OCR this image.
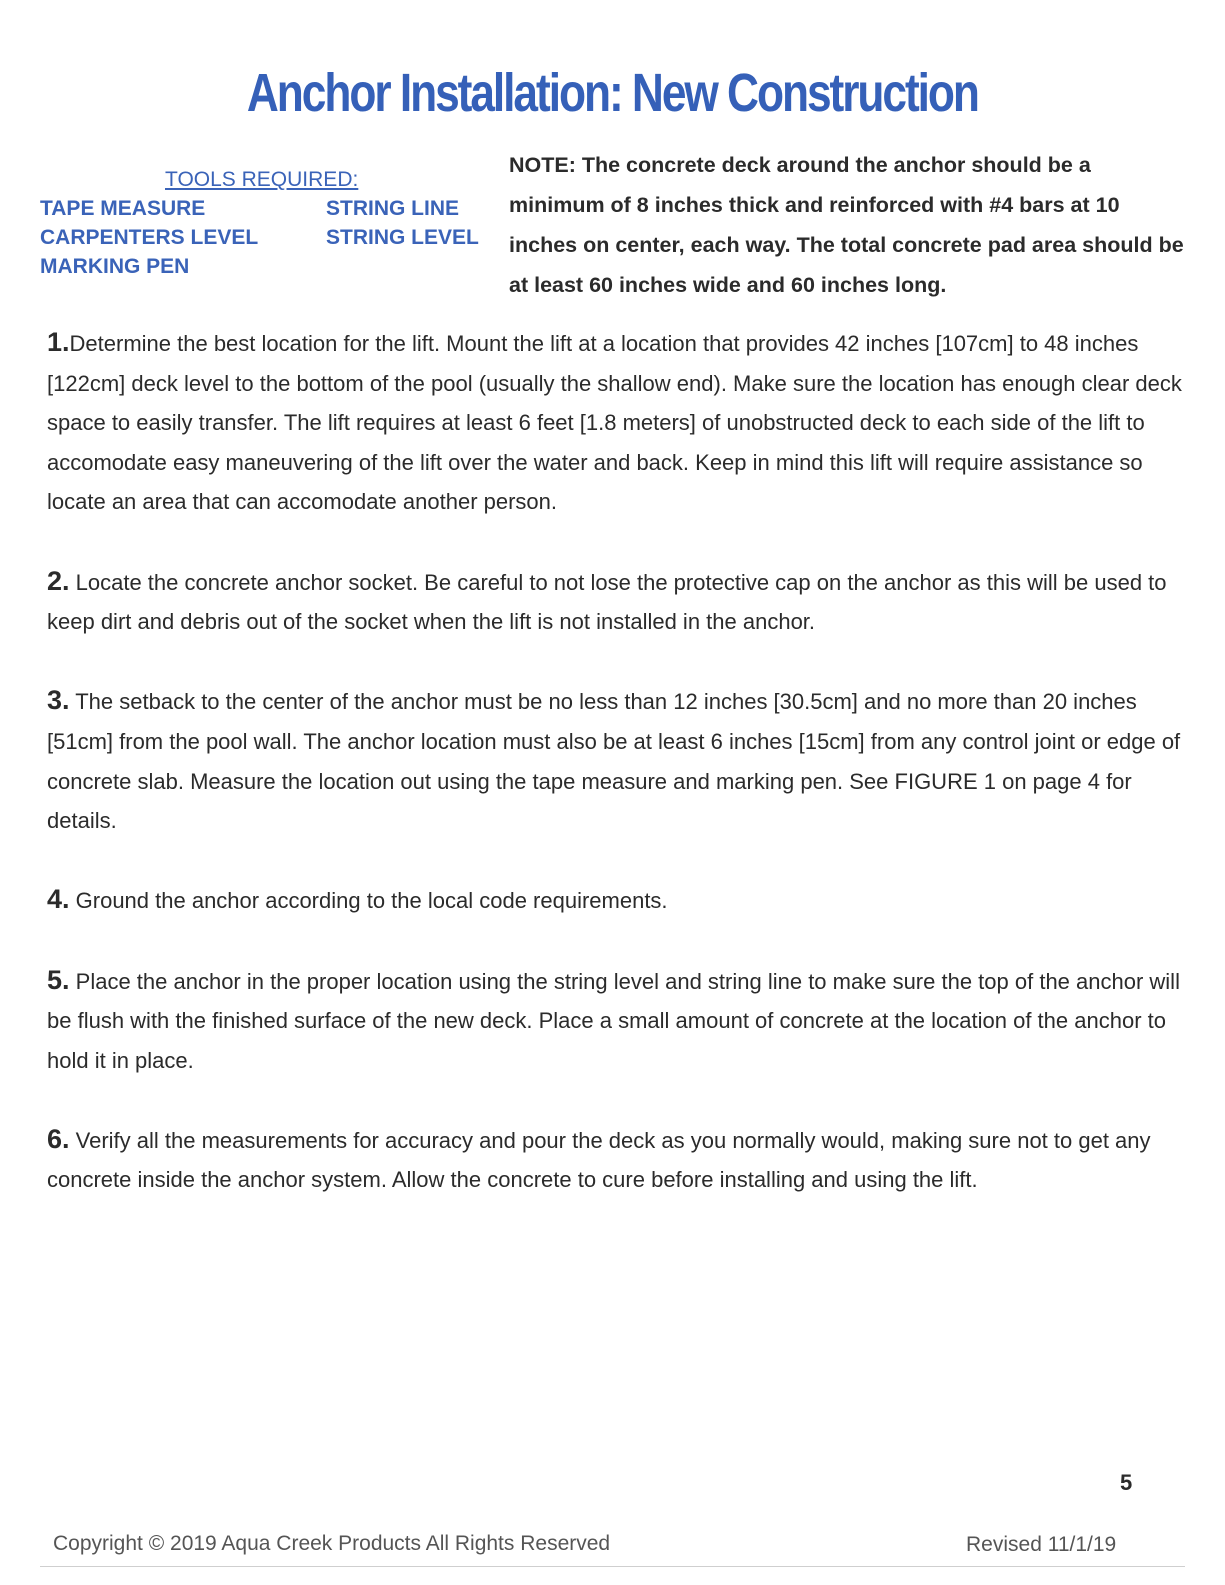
Anchor Installation: New Construction
TOOLS REQUIRED:
TAPE MEASURE	STRING LINE
CARPENTERS LEVEL	STRING LEVEL
MARKING PEN
NOTE: The concrete deck around the anchor should be a minimum of 8 inches thick and reinforced with #4 bars at 10 inches on center, each way. The total concrete pad area should be at least 60 inches wide and 60 inches long.

1.Determine the best location for the lift. Mount the lift at a location that provides 42 inches [107cm] to 48 inches [122cm] deck level to the bottom of the pool (usually the shallow end). Make sure the location has enough clear deck space to easily transfer. The lift requires at least 6 feet [1.8 meters] of unobstructed deck to each side of the lift to accomodate easy maneuvering of the lift over the water and back. Keep in mind this lift will require assistance so locate an area that can accomodate another person.

2. Locate the concrete anchor socket. Be careful to not lose the protective cap on the anchor as this will be used to keep dirt and debris out of the socket when the lift is not installed in the anchor.

3. The setback to the center of the anchor must be no less than 12 inches [30.5cm] and no more than 20 inches [51cm] from the pool wall. The anchor location must also be at least 6 inches [15cm] from any control joint or edge of concrete slab. Measure the location out using the tape measure and marking pen. See FIGURE 1 on page 4 for details.

4. Ground the anchor according to the local code requirements.

5. Place the anchor in the proper location using the string level and string line to make sure the top of the anchor will be flush with the finished surface of the new deck. Place a small amount of concrete at the location of the anchor to hold it in place.

6. Verify all the measurements for accuracy and pour the deck as you normally would, making sure not to get any concrete inside the anchor system. Allow the concrete to cure before installing and using the lift.

5
Copyright © 2019 Aqua Creek Products All Rights Reserved	Revised 11/1/19
